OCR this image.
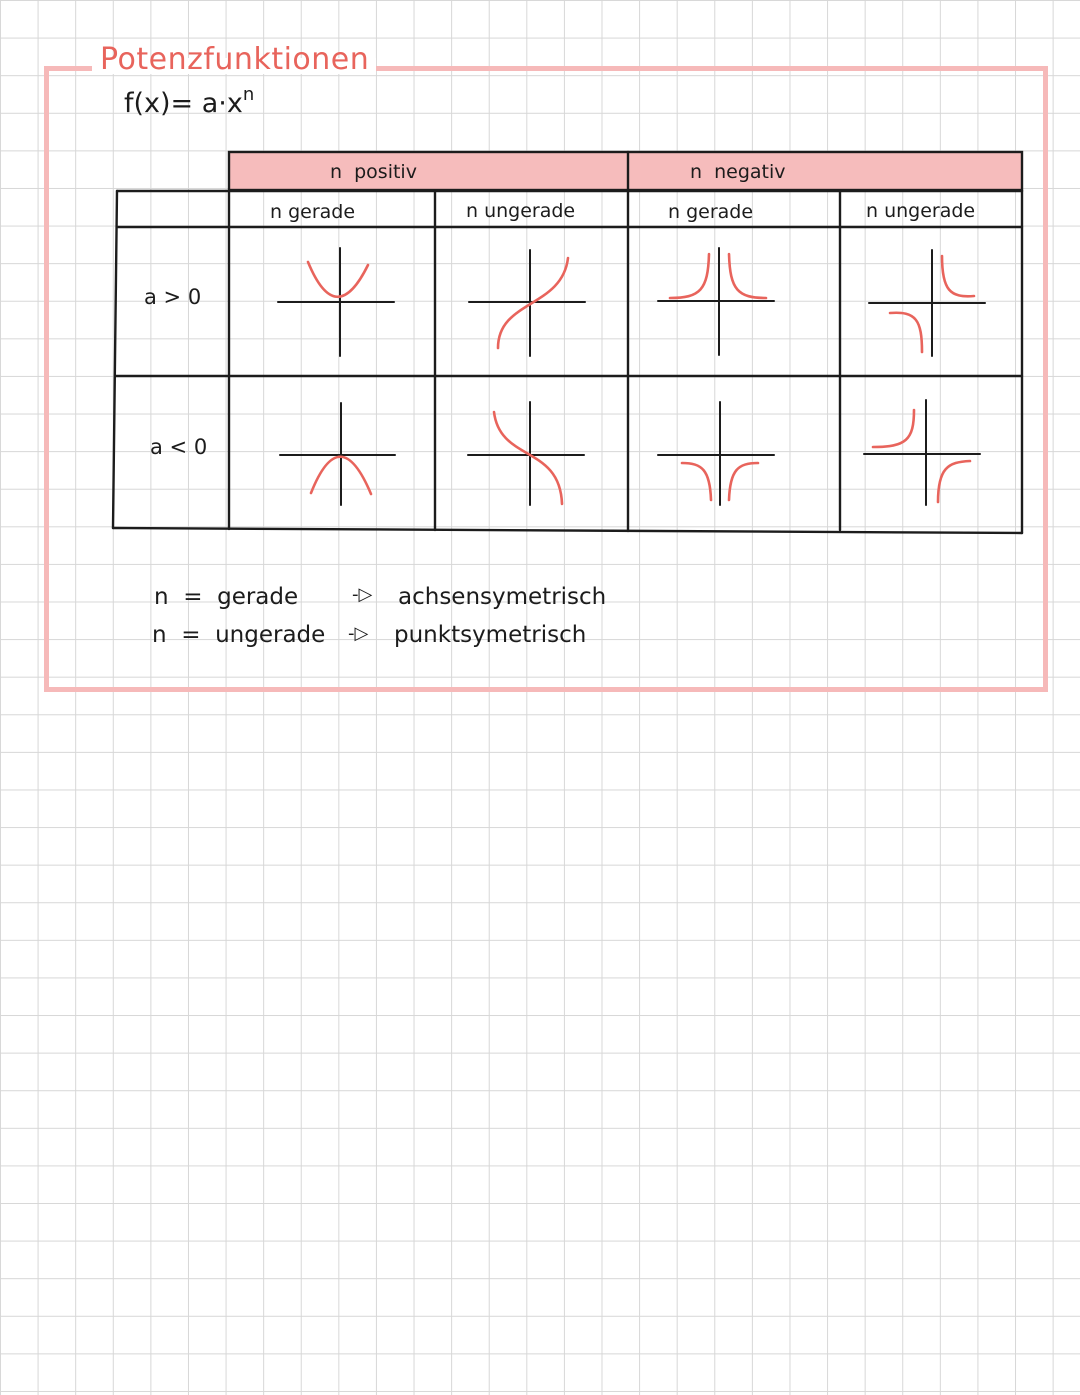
Potenzfunktionen
$f(x)= a\cdot x^n$
n  positiv	n  negativ
n gerade	n ungerade	n gerade	n ungerade
a > 0
a < 0
n  =  gerade	-▷ achsensymetrisch
n  =  ungerade -▷ punktsymetrisch
